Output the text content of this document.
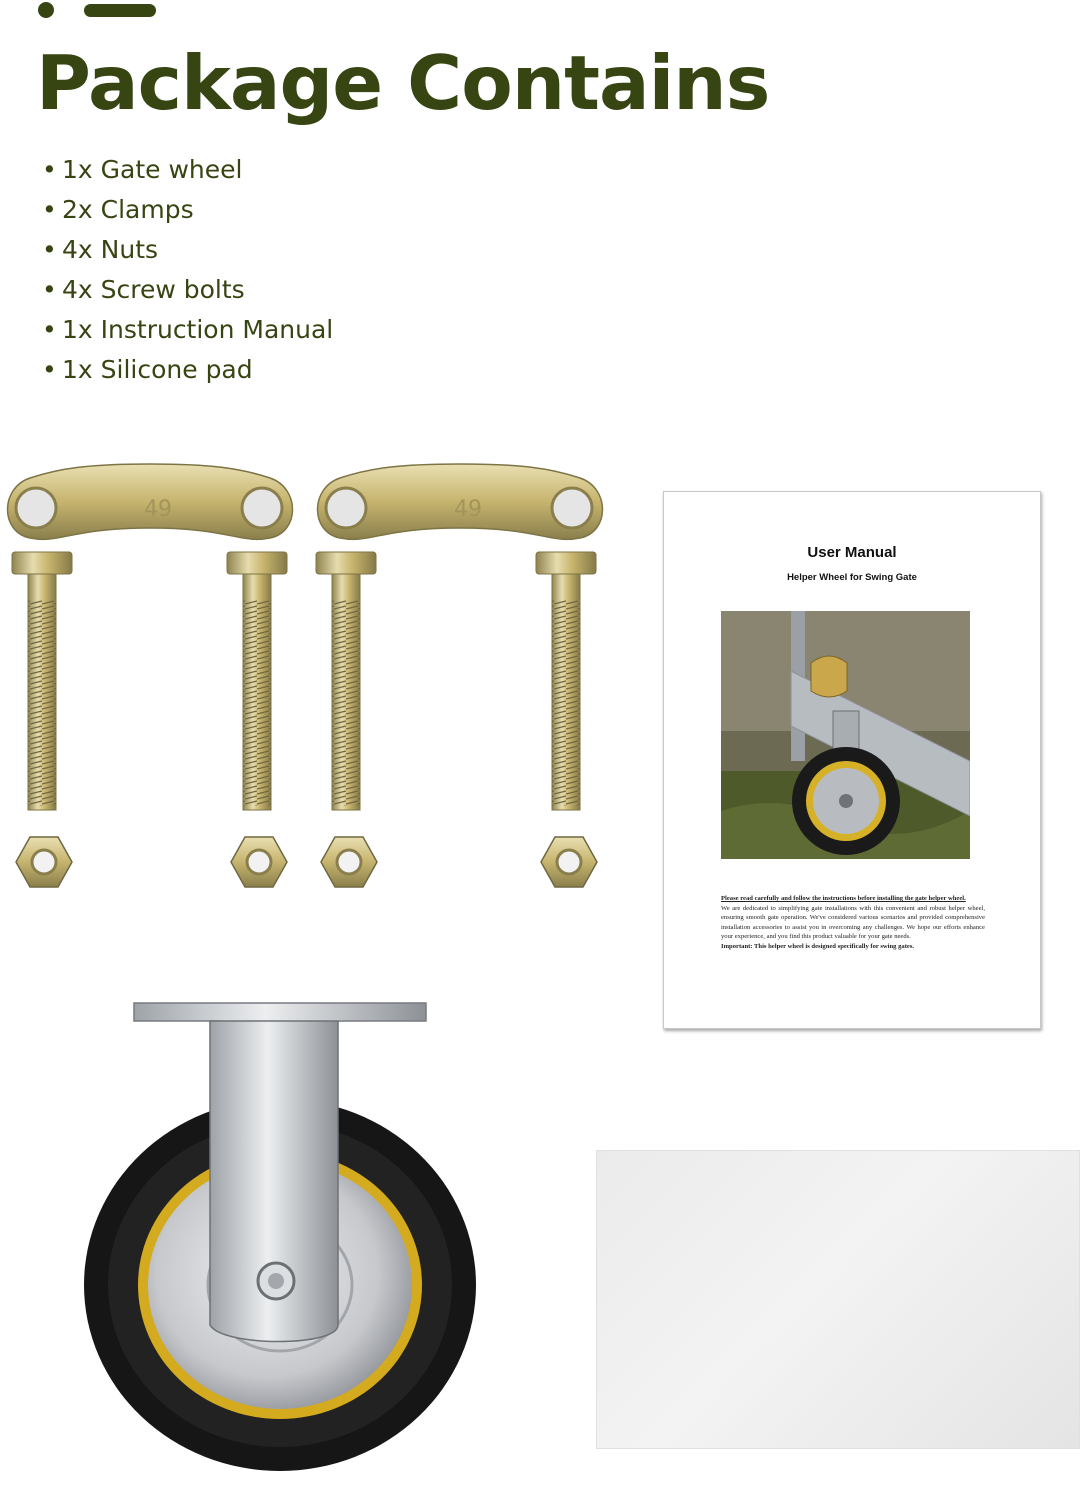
Package Contains
• 1x Gate wheel
• 2x Clamps
• 4x Nuts
• 4x Screw bolts
• 1x Instruction Manual
• 1x Silicone pad
49	49
User Manual
Helper Wheel for Swing Gate
Please read carefully and follow the instructions before installing the gate helper wheel.
We are dedicated to simplifying gate installations with this convenient and robust helper wheel, ensuring smooth gate operation. We've considered various scenarios and provided comprehensive installation accessories to assist you in overcoming any challenges. We hope our efforts enhance your experience, and you find this product valuable for your gate needs.
Important: This helper wheel is designed specifically for swing gates.
